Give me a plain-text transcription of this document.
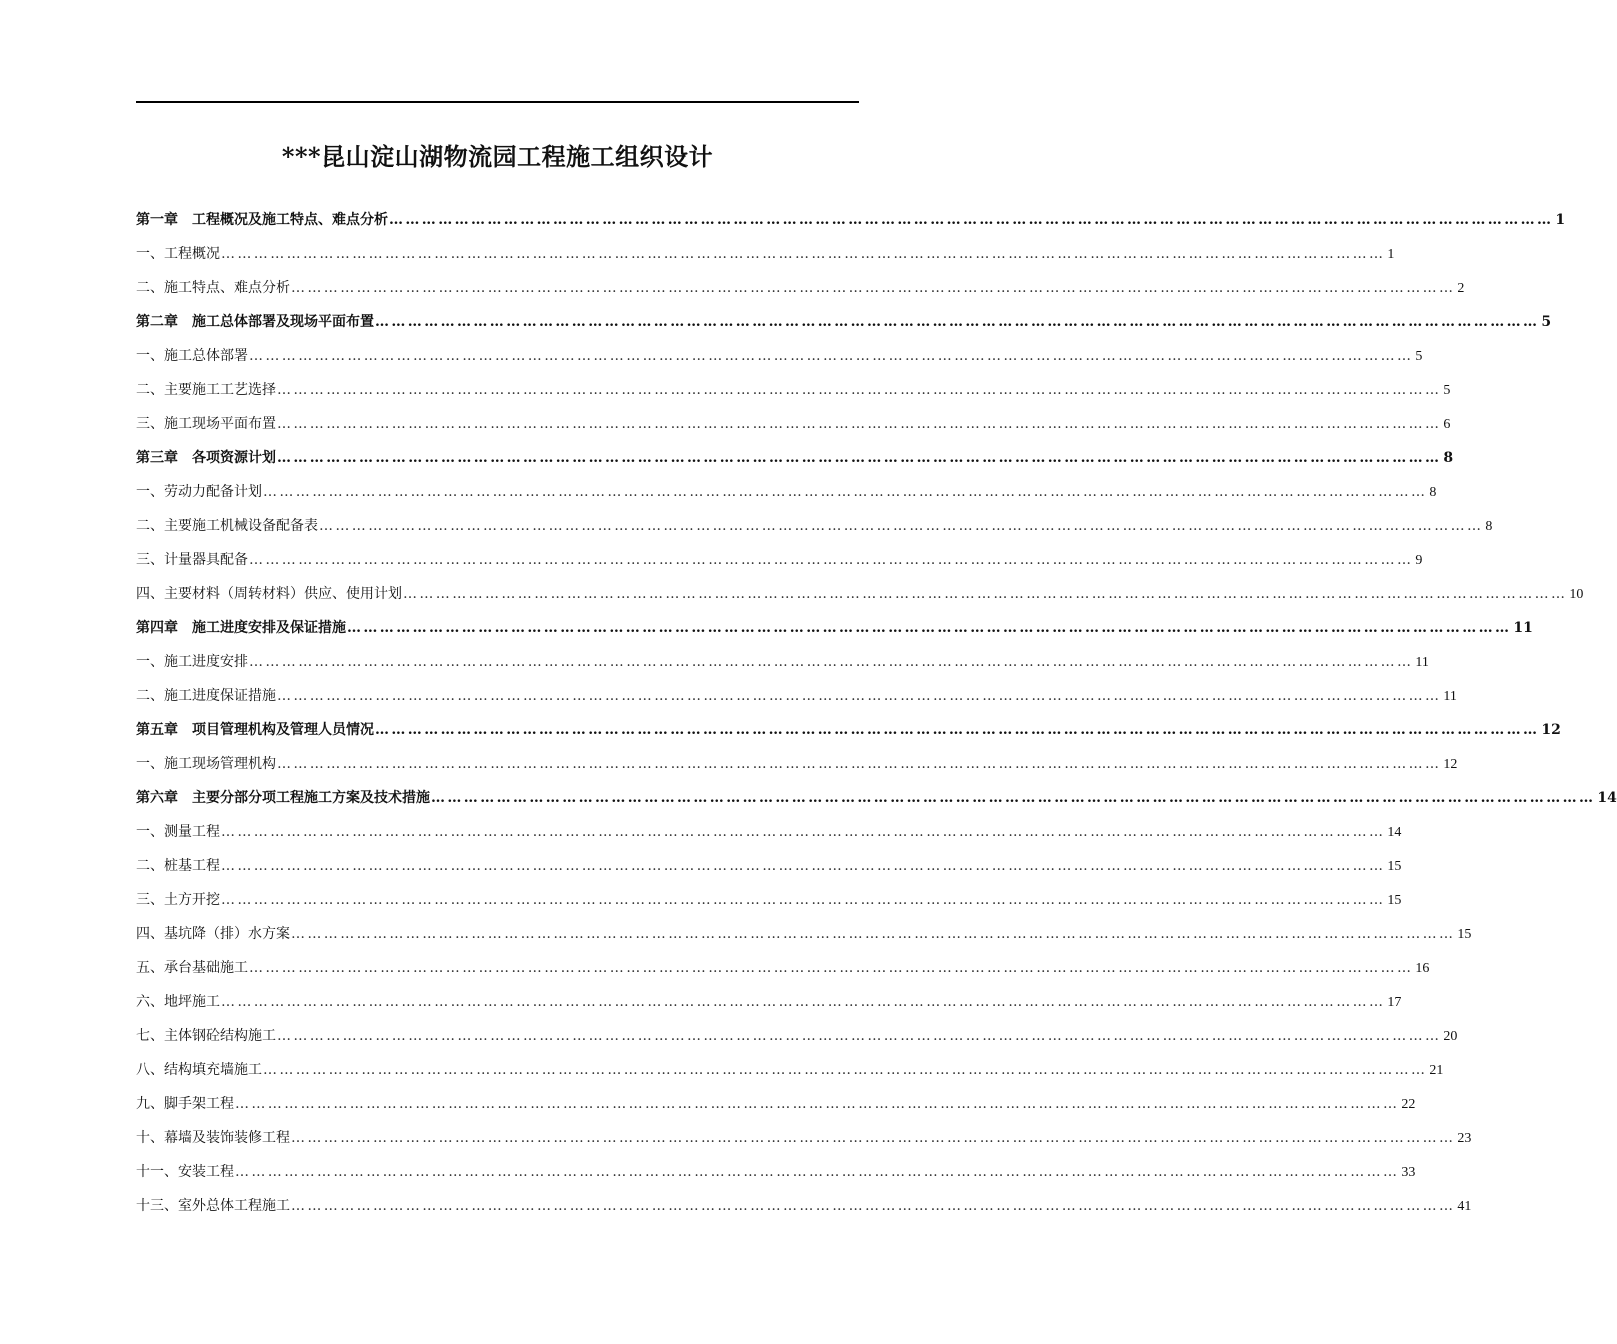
***昆山淀山湖物流园工程施工组织设计
第一章　工程概况及施工特点、难点分析 …………………………………………………………………………………………………………………………………………………………………………………………… 1
一、工程概况 …………………………………………………………………………………………………………………………………………………………………………………………… 1
二、施工特点、难点分析 …………………………………………………………………………………………………………………………………………………………………………………………… 2
第二章　施工总体部署及现场平面布置 …………………………………………………………………………………………………………………………………………………………………………………………… 5
一、施工总体部署 …………………………………………………………………………………………………………………………………………………………………………………………… 5
二、主要施工工艺选择 …………………………………………………………………………………………………………………………………………………………………………………………… 5
三、施工现场平面布置 …………………………………………………………………………………………………………………………………………………………………………………………… 6
第三章　各项资源计划 …………………………………………………………………………………………………………………………………………………………………………………………… 8
一、劳动力配备计划 …………………………………………………………………………………………………………………………………………………………………………………………… 8
二、主要施工机械设备配备表 …………………………………………………………………………………………………………………………………………………………………………………………… 8
三、计量器具配备 …………………………………………………………………………………………………………………………………………………………………………………………… 9
四、主要材料（周转材料）供应、使用计划 …………………………………………………………………………………………………………………………………………………………………………………………… 10
第四章　施工进度安排及保证措施 …………………………………………………………………………………………………………………………………………………………………………………………… 11
一、施工进度安排 …………………………………………………………………………………………………………………………………………………………………………………………… 11
二、施工进度保证措施 …………………………………………………………………………………………………………………………………………………………………………………………… 11
第五章　项目管理机构及管理人员情况 …………………………………………………………………………………………………………………………………………………………………………………………… 12
一、施工现场管理机构 …………………………………………………………………………………………………………………………………………………………………………………………… 12
第六章　主要分部分项工程施工方案及技术措施 …………………………………………………………………………………………………………………………………………………………………………………………… 14
一、测量工程 …………………………………………………………………………………………………………………………………………………………………………………………… 14
二、桩基工程 …………………………………………………………………………………………………………………………………………………………………………………………… 15
三、土方开挖 …………………………………………………………………………………………………………………………………………………………………………………………… 15
四、基坑降（排）水方案 …………………………………………………………………………………………………………………………………………………………………………………………… 15
五、承台基础施工 …………………………………………………………………………………………………………………………………………………………………………………………… 16
六、地坪施工 …………………………………………………………………………………………………………………………………………………………………………………………… 17
七、主体钢砼结构施工 …………………………………………………………………………………………………………………………………………………………………………………………… 20
八、结构填充墙施工 …………………………………………………………………………………………………………………………………………………………………………………………… 21
九、脚手架工程 …………………………………………………………………………………………………………………………………………………………………………………………… 22
十、幕墙及装饰装修工程 …………………………………………………………………………………………………………………………………………………………………………………………… 23
十一、安装工程 …………………………………………………………………………………………………………………………………………………………………………………………… 33
十三、室外总体工程施工 …………………………………………………………………………………………………………………………………………………………………………………………… 41
